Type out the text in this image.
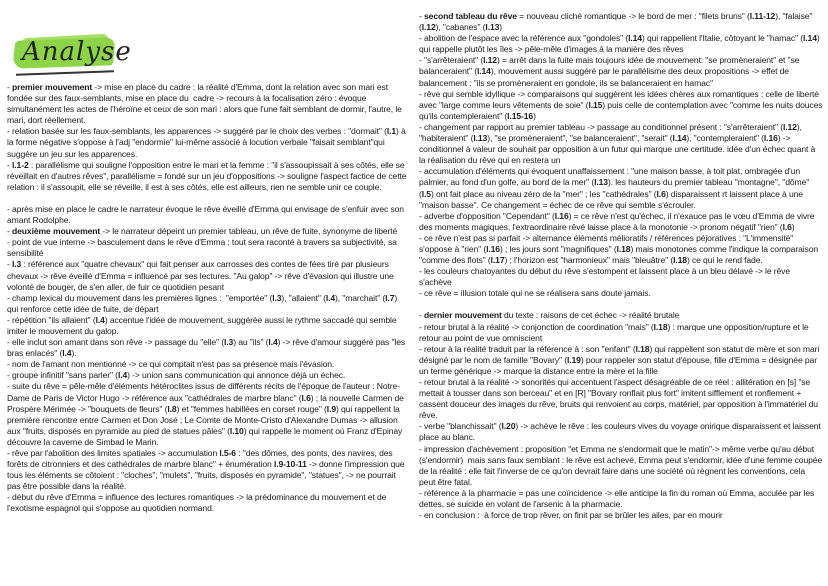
Analyse

- premier mouvement -> mise en place du cadre : la réalité d'Emma, dont la relation avec son mari est fondée sur des faux-semblants, mise en place du  cadre -> recours à la focalisation zéro : évoque simultanément les actes de l'héroïne et ceux de son mari : alors que l'une fait semblant de dormir, l'autre, le mari, dort réellement.

- relation basée sur les faux-semblants, les apparences -> suggéré par le choix des verbes : "dormait" (l.1) à la forme négative s'oppose à l'adj "endormie" lui-même associé à locution verbale "faisait semblant"qui suggère un jeu sur les apparences.

- l.1-2 : parallélisme qui souligne l'opposition entre le mari et la femme : "il s'assoupissait à ses côtés, elle se réveillait en d'autres rêves", parallélisme = fondé sur un jeu d'oppositions -> souligne l'aspect factice de cette relation : il s'assoupit, elle se réveille, il est à ses côtés, elle est ailleurs, rien ne semble unir ce couple.

- après mise en place le cadre le narrateur évoque le rêve éveillé d'Emma qui envisage de s'enfuir avec son amant Rodolphe.

- deuxième mouvement -> le narrateur dépeint un premier tableau, un rêve de fuite, synonyme de liberté

- point de vue interne -> basculement dans le rêve d'Emma : tout sera raconté à travers sa subjectivité, sa sensibilité

- l.3 : référence aux "quatre chevaux" qui fait penser aux carrosses des contes de fées tiré par plusieurs chevaux -> rêve éveillé d'Emma = influencé par ses lectures. "Au galop" -> rêve d'évasion qui illustre une volonté de bouger, de s'en aller, de fuir ce quotidien pesant

- champ lexical du mouvement dans les premières lignes :  "emportée" (l.3), "allaient" (l.4), "marchait" (l.7) qui renforce cette idée de fuite, de départ

- répétition "ils allaient" (l.4) accentue l'idée de mouvement, suggérée aussi le rythme saccadé qui semble imiter le mouvement du galop.

- elle inclut son amant dans son rêve -> passage du "elle" (l.3) au "ils" (l.4) -> rêve d'amour suggéré pas "les bras enlacés" (l.4).

- nom de l'amant non mentionné -> ce qui comptait n'est pas sa présence mais l'évasion.

- groupe infinitif "sans parler" (l.4) -> union sans communication qui annonce déjà un échec.

- suite du rêve = pêle-mêle d'éléments hétéroclites issus de différents récits de l'époque de l'auteur : Notre-Dame de Paris de Victor Hugo -> référence aux "cathédrales de marbre blanc" (l.6) ; la nouvelle Carmen de Prospère Mérimée -> "bouquets de fleurs" (l.8) et "femmes habillées en corset rouge" (l.9) qui rappellent la première rencontre entre Carmen et Don José ; Le Comte de Monte-Cristo d'Alexandre Dumas -> allusion aux "fruits, disposés en pyramide au pied de statues pâles" (l.10) qui rappelle le moment où Franz d'Epinay découvre la caverne de Simbad le Marin.

- rêve par l'abolition des limites spatiales -> accumulation l.5-6 : "des dômes, des ponts, des navires, des forêts de citronniers et des cathédrales de marbre blanc" + énumération l.9-10-11 -> donne l'impression que tous les éléments se côtoient : "cloches", "mulets", "fruits, disposés en pyramide", "statues", -> ne pourrait pas être possible dans la réalité.

- début du rêve d'Emma = influence des lectures romantiques -> la prédominance du mouvement et de l'exotisme espagnol qui s'oppose au quotidien normand.

- second tableau du rêve = nouveau cliché romantique -> le bord de mer : "filets bruns" (l.11-12), "falaise" (l.12), "cabanes" (l.13)

- abolition de l'espace avec la référence aux "gondoles" (l.14) qui rappellent l'Italie, côtoyant le "hamac" (l.14) qui rappelle plutôt les îles -> pêle-mêle d'images à la manière des rêves

- "s'arrêteraient" (l.12) = arrêt dans la fuite mais toujours idée de mouvement: "se promèneraient" et "se balanceraient" (l.14), mouvement aussi suggéré par le parallélisme des deux propositions -> effet de balancement : "ils se promèneraient en gondole, ils se balanceraient en hamac"

- rêve qui semble idyllique -> comparaisons qui suggèrent les idées chères aux romantiques : celle de liberté avec "large comme leurs vêtements de soie" (l.15) puis celle de contemplation avec "comme les nuits douces qu'ils contempleraient" (l.15-16)

- changement par rapport au premier tableau -> passage au conditionnel présent : "s'arrêteraient" (l.12), "habiteraient" (l.13), "se promèneraient", "se balanceraient", "serait" (l.14), "contempleraient" (l.16) -> conditionnel à valeur de souhait par opposition à un futur qui marque une certitude. idée d'un échec quant à la réalisation du rêve qui en restera un

- accumulation d'éléments qui évoquent unaffaissement : "une maison basse, à toit plat, ombragée d'un palmier, au fond d'un golfe, au bord de la mer" (l.13). les hauteurs du premier tableau "montagne", "dôme" (l.5) ont fait place au niveau zéro de la "mer" ; les "cathédrales" (l.6) disparaissent rt laissent place à une "maison basse". Ce changement = échec de ce rêve qui semble s'écrouler.

- adverbe d'opposition "Cependant" (l.16) = ce rêve n'est qu'échec, il n'exauce pas le vœu d'Emma de vivre des moments magiques, l'extraordinaire rêvé laisse place à la monotonie -> pronom négatif "rien" (l.6)

- ce rêve n'est pas si parfait -> alternance éléments mélioratifs / références péjoratives : "L'immensité" s'oppose à "rien" (l.16) ; les jours sont "magnifiques" (l.18) mais monotones comme l'indique la comparaison "comme des flots" (l.17) ; l'horizon est "harmonieux" mais "bleuâtre" (l.18) ce qui le rend fade.

- les couleurs chatoyantes du début du rêve s'estompent et laissent place à un bleu délavé -> le rêve s'achève

- ce rêve = illusion totale qui ne se réalisera sans doute jamais.

- dernier mouvement du texte : raisons de cet échec -> réalité brutale

- retour brutal à la réalité -> conjonction de coordination "mais" (l.18) : marque une opposition/rupture et le retour au point de vue omniscient

- retour à la réalité traduit par la référence à : son "enfant" (l.18) qui rappellent son statut de mère et son mari désigné par le nom de famille "Bovary" (l.19) pour rappeler son statut d'épouse, fille d'Emma = désignée par un terme générique -> marque la distance entre la mère et la fille

- retour brutal à la réalité -> sonorités qui accentuent l'aspect désagréable de ce réel : allitération en [s] "se mettait à tousser dans son berceau" et en [R] "Bovary ronflait plus fort" imitent sifflement et ronflement + cassent douceur des images du rêve, bruits qui renvoient au corps, matériel, par opposition à l'immatériel du rêve.

- verbe "blanchissait" (l.20) -> achève le rêve : les couleurs vives du voyage onirique disparaissent et laissent place au blanc.

- impression d'achèvement : proposition "et Emma ne s'endormait que le matin"-> même verbe qu'au début (s'endormir)  mais sans faux semblant : le rêve est achevé, Emma peut s'endormir, idée d'une femme coupée de la réalité : elle fait l'inverse de ce qu'on devrait faire dans une société où règnent les conventions, cela peut être fatal.

- référence à la pharmacie = pas une coïncidence -> elle anticipe la fin du roman où Emma, acculée par les dettes, se suicide en volant de l'arsenic à la pharmacie.

- en conclusion :  à force de trop rêver, on finit par se brûler les ailes, par en mourir
